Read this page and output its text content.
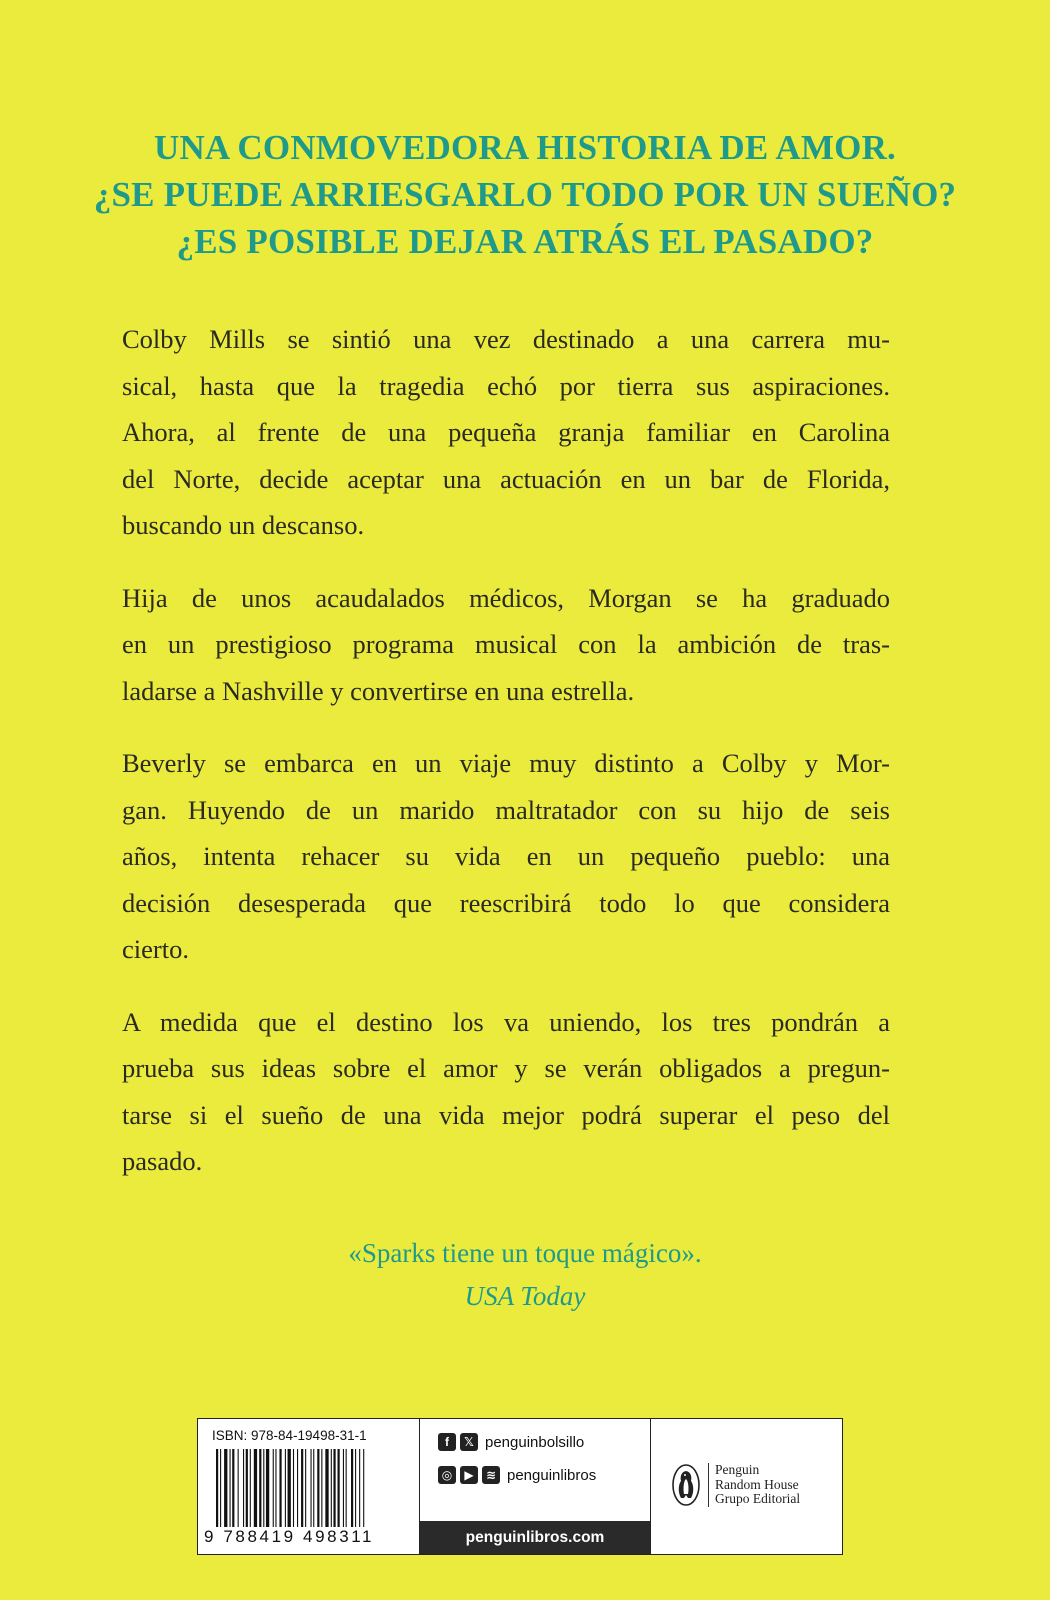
UNA CONMOVEDORA HISTORIA DE AMOR.
¿SE PUEDE ARRIESGARLO TODO POR UN SUEÑO?
¿ES POSIBLE DEJAR ATRÁS EL PASADO?

Colby Mills se sintió una vez destinado a una carrera mu-
sical, hasta que la tragedia echó por tierra sus aspiraciones.
Ahora, al frente de una pequeña granja familiar en Carolina
del Norte, decide aceptar una actuación en un bar de Florida,
buscando un descanso.

Hija de unos acaudalados médicos, Morgan se ha graduado
en un prestigioso programa musical con la ambición de tras-
ladarse a Nashville y convertirse en una estrella.

Beverly se embarca en un viaje muy distinto a Colby y Mor-
gan. Huyendo de un marido maltratador con su hijo de seis
años, intenta rehacer su vida en un pequeño pueblo: una
decisión desesperada que reescribirá todo lo que considera
cierto.

A medida que el destino los va uniendo, los tres pondrán a
prueba sus ideas sobre el amor y se verán obligados a pregun-
tarse si el sueño de una vida mejor podrá superar el peso del
pasado.

«Sparks tiene un toque mágico».
USA Today
ISBN: 978-84-19498-31-1
9 788419 498311
f	𝕏 penguinbolsillo
◎	▶	≋ penguinlibros
penguinlibros.com
Penguin
Random House
Grupo Editorial
